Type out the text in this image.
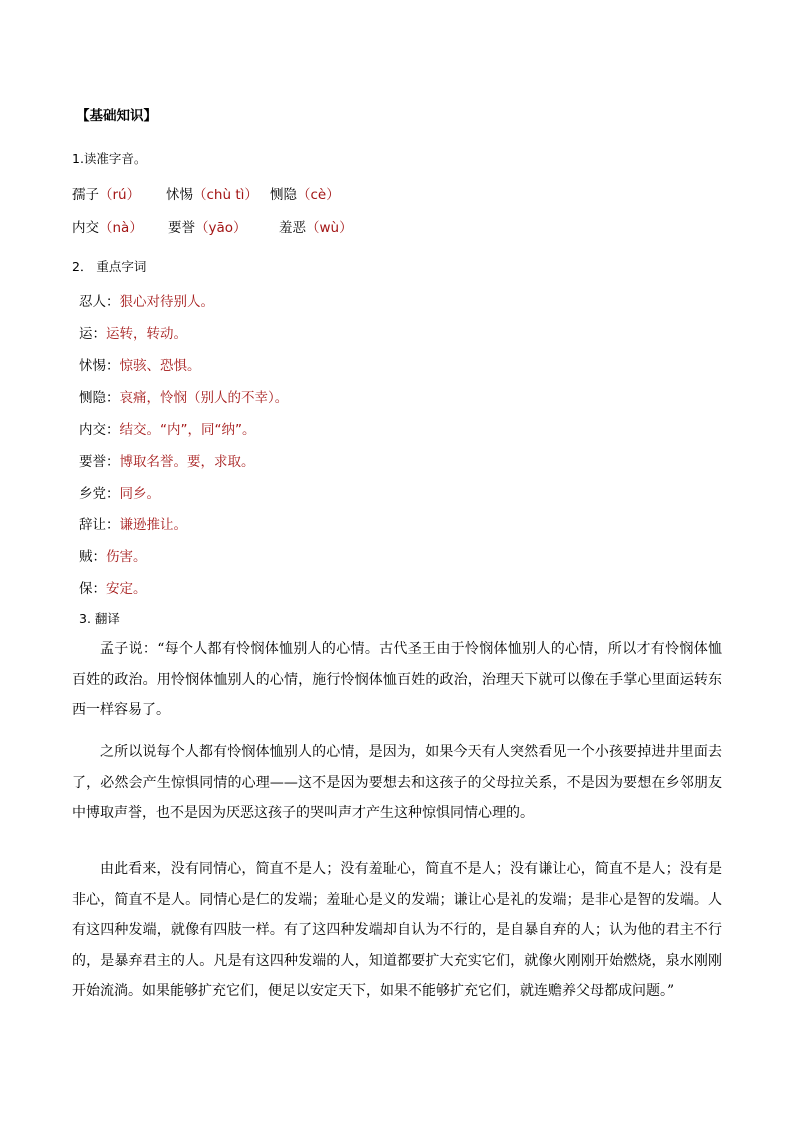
【基础知识】
1.读准字音。
孺子（rú） 怵惕（chù tì） 恻隐（cè）
内交（nà） 要誉（yāo） 羞恶（wù）
2． 重点字词
忍人：狠心对待别人。
运：运转，转动。
怵惕：惊骇、恐惧。
恻隐：哀痛，怜悯（别人的不幸）。
内交：结交。“内”，同“纳”。
要誉：博取名誉。要，求取。
乡党：同乡。
辞让：谦逊推让。
贼：伤害。
保：安定。
3. 翻译

孟子说：“每个人都有怜悯体恤别人的心情。古代圣王由于怜悯体恤别人的心情，所以才有怜悯体恤百姓的政治。用怜悯体恤别人的心情，施行怜悯体恤百姓的政治，治理天下就可以像在手掌心里面运转东西一样容易了。

之所以说每个人都有怜悯体恤别人的心情，是因为，如果今天有人突然看见一个小孩要掉进井里面去了，必然会产生惊惧同情的心理——这不是因为要想去和这孩子的父母拉关系，不是因为要想在乡邻朋友中博取声誉，也不是因为厌恶这孩子的哭叫声才产生这种惊惧同情心理的。

由此看来，没有同情心，简直不是人；没有羞耻心，简直不是人；没有谦让心，简直不是人；没有是非心，简直不是人。同情心是仁的发端；羞耻心是义的发端；谦让心是礼的发端；是非心是智的发端。人有这四种发端，就像有四肢一样。有了这四种发端却自认为不行的，是自暴自弃的人；认为他的君主不行的，是暴弃君主的人。凡是有这四种发端的人，知道都要扩大充实它们，就像火刚刚开始燃烧，泉水刚刚开始流淌。如果能够扩充它们，便足以安定天下，如果不能够扩充它们，就连赡养父母都成问题。”
